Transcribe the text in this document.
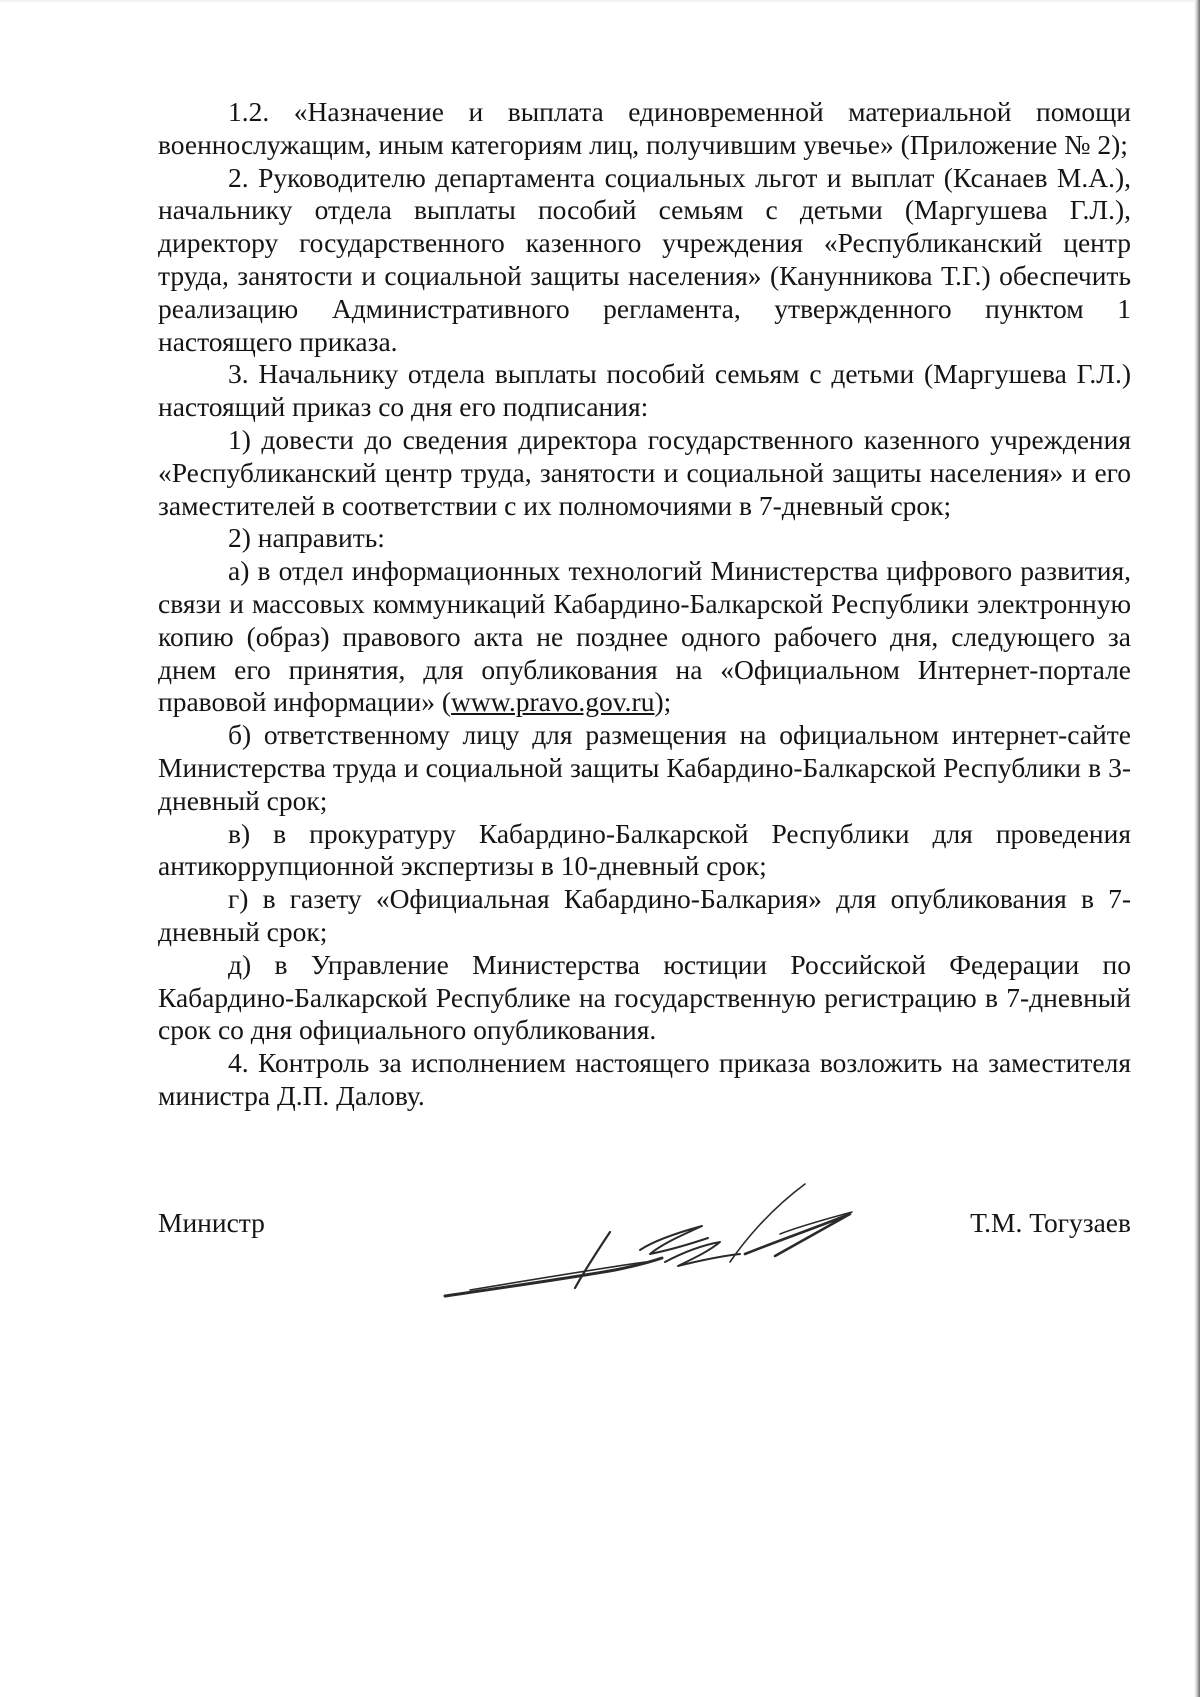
1.2. «Назначение и выплата единовременной материальной помощи военнослужащим, иным категориям лиц, получившим увечье» (Приложение № 2);

2. Руководителю департамента социальных льгот и выплат (Ксанаев М.А.), начальнику отдела выплаты пособий семьям с детьми (Маргушева Г.Л.), директору государственного казенного учреждения «Республиканский центр труда, занятости и социальной защиты населения» (Канунникова Т.Г.) обеспечить реализацию Административного регламента, утвержденного пунктом 1 настоящего приказа.

3. Начальнику отдела выплаты пособий семьям с детьми (Маргушева Г.Л.) настоящий приказ со дня его подписания:

1) довести до сведения директора государственного казенного учреждения «Республиканский центр труда, занятости и социальной защиты населения» и его заместителей в соответствии с их полномочиями в 7-дневный срок;

2) направить:

а) в отдел информационных технологий Министерства цифрового развития, связи и массовых коммуникаций Кабардино-Балкарской Республики электронную копию (образ) правового акта не позднее одного рабочего дня, следующего за днем его принятия, для опубликования на «Официальном Интернет-портале правовой информации» (www.pravo.gov.ru);

б) ответственному лицу для размещения на официальном интернет-сайте Министерства труда и социальной защиты Кабардино-Балкарской Республики в 3-дневный срок;

в) в прокуратуру Кабардино-Балкарской Республики для проведения антикоррупционной экспертизы в 10-дневный срок;

г) в газету «Официальная Кабардино-Балкария» для опубликования в 7-дневный срок;

д) в Управление Министерства юстиции Российской Федерации по Кабардино-Балкарской Республике на государственную регистрацию в 7-дневный срок со дня официального опубликования.

4. Контроль за исполнением настоящего приказа возложить на заместителя министра Д.П. Далову.

Министр	Т.М. Тогузаев
